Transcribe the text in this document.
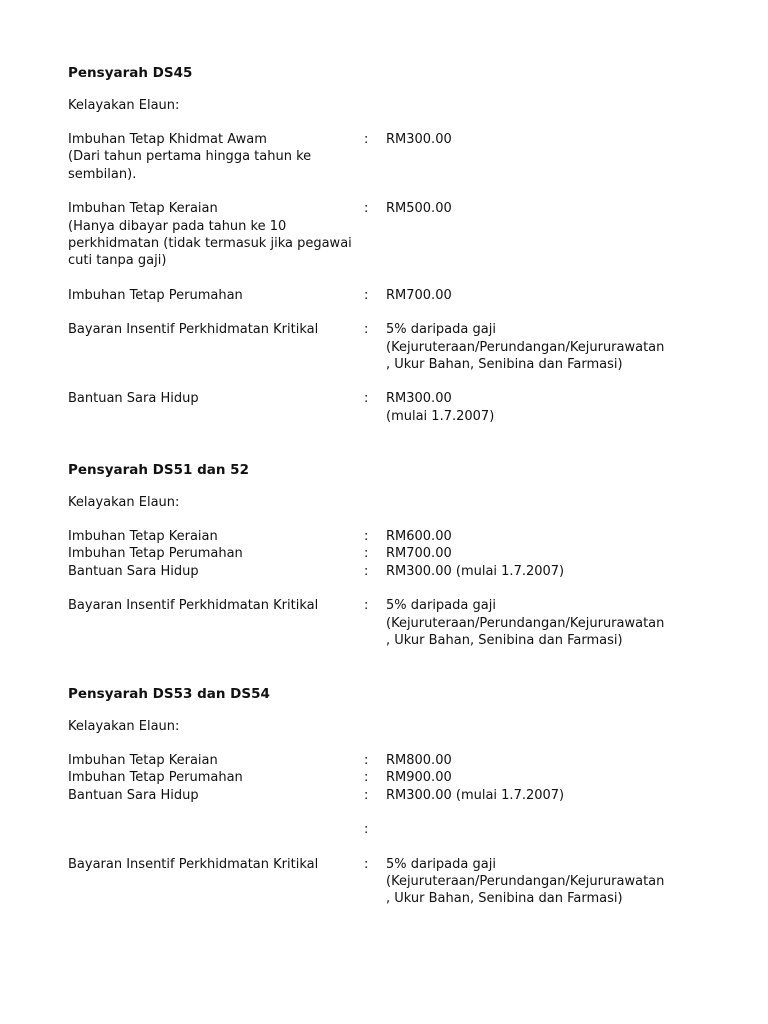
Pensyarah DS45
Kelayakan Elaun:
Imbuhan Tetap Khidmat Awam
(Dari tahun pertama hingga tahun ke
sembilan).
:	RM300.00
Imbuhan Tetap Keraian
(Hanya dibayar pada tahun ke 10
perkhidmatan (tidak termasuk jika pegawai
cuti tanpa gaji)
:	RM500.00
Imbuhan Tetap Perumahan	:	RM700.00
Bayaran Insentif Perkhidmatan Kritikal	:	5% daripada gaji
(Kejuruteraan/Perundangan/Kejururawatan
, Ukur Bahan, Senibina dan Farmasi)
Bantuan Sara Hidup	:	RM300.00
(mulai 1.7.2007)
Pensyarah DS51 dan 52
Kelayakan Elaun:
Imbuhan Tetap Keraian	:	RM600.00
Imbuhan Tetap Perumahan	:	RM700.00
Bantuan Sara Hidup	:	RM300.00 (mulai 1.7.2007)
Bayaran Insentif Perkhidmatan Kritikal	:	5% daripada gaji
(Kejuruteraan/Perundangan/Kejururawatan
, Ukur Bahan, Senibina dan Farmasi)
Pensyarah DS53 dan DS54
Kelayakan Elaun:
Imbuhan Tetap Keraian	:	RM800.00
Imbuhan Tetap Perumahan	:	RM900.00
Bantuan Sara Hidup	:	RM300.00 (mulai 1.7.2007)
:
Bayaran Insentif Perkhidmatan Kritikal	:	5% daripada gaji
(Kejuruteraan/Perundangan/Kejururawatan
, Ukur Bahan, Senibina dan Farmasi)
